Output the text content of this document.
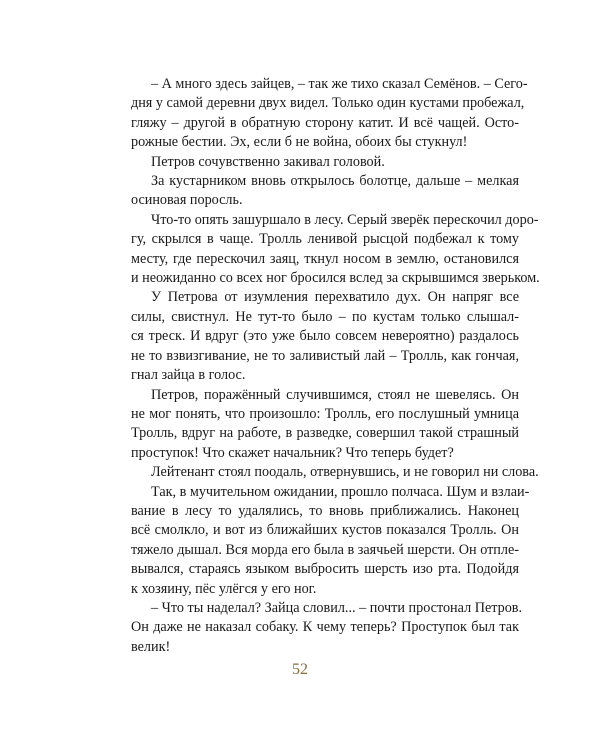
– А много здесь зайцев, – так же тихо сказал Семёнов. – Сего-
дня у самой деревни двух видел. Только один кустами пробежал,
гляжу – другой в обратную сторону катит. И всё чащей. Осто-
рожные бестии. Эх, если б не война, обоих бы стукнул!
Петров сочувственно закивал головой.
За кустарником вновь открылось болотце, дальше – мелкая
осиновая поросль.
Что-то опять зашуршало в лесу. Серый зверёк перескочил доро-
гу, скрылся в чаще. Тролль ленивой рысцой подбежал к тому
месту, где перескочил заяц, ткнул носом в землю, остановился
и неожиданно со всех ног бросился вслед за скрывшимся зверьком.
У Петрова от изумления перехватило дух. Он напряг все
силы, свистнул. Не тут-то было – по кустам только слышал-
ся треск. И вдруг (это уже было совсем невероятно) раздалось
не то взвизгивание, не то заливистый лай – Тролль, как гончая,
гнал зайца в голос.
Петров, поражённый случившимся, стоял не шевелясь. Он
не мог понять, что произошло: Тролль, его послушный умница
Тролль, вдруг на работе, в разведке, совершил такой страшный
проступок! Что скажет начальник? Что теперь будет?
Лейтенант стоял поодаль, отвернувшись, и не говорил ни слова.
Так, в мучительном ожидании, прошло полчаса. Шум и взлаи-
вание в лесу то удалялись, то вновь приближались. Наконец
всё смолкло, и вот из ближайших кустов показался Тролль. Он
тяжело дышал. Вся морда его была в заячьей шерсти. Он отпле-
вывался, стараясь языком выбросить шерсть изо рта. Подойдя
к хозяину, пёс улёгся у его ног.
– Что ты наделал? Зайца словил... – почти простонал Петров.
Он даже не наказал собаку. К чему теперь? Проступок был так
велик!
52
